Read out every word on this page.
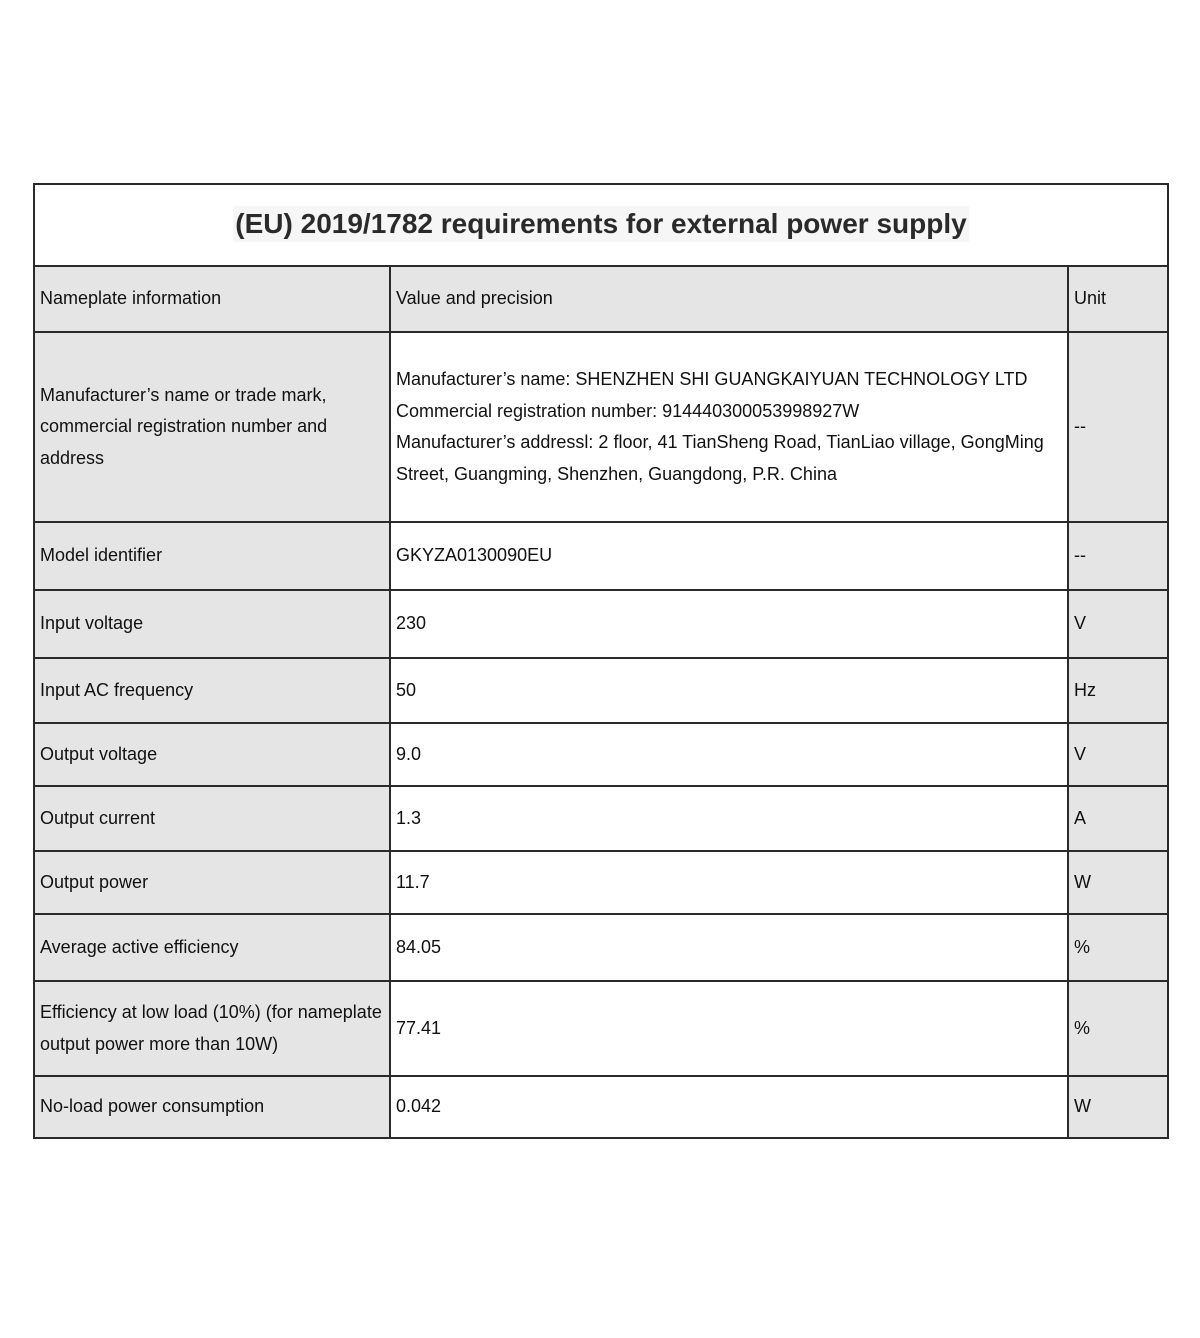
(EU) 2019/1782 requirements for external power supply		
Nameplate information	Value and precision	Unit
Manufacturer’s name or trade mark, commercial registration number and address	Manufacturer’s name: SHENZHEN SHI GUANGKAIYUAN TECHNOLOGY LTD
Commercial registration number: 914440300053998927W
Manufacturer’s addressl: 2 floor, 41 TianSheng Road, TianLiao village, GongMing Street, Guangming, Shenzhen, Guangdong, P.R. China	--
Model identifier	GKYZA0130090EU	--
Input voltage	230	V
Input AC frequency	50	Hz
Output voltage	9.0	V
Output current	1.3	A
Output power	11.7	W
Average active efficiency	84.05	%
Efficiency at low load (10%) (for nameplate output power more than 10W)	77.41	%
No-load power consumption	0.042	W
